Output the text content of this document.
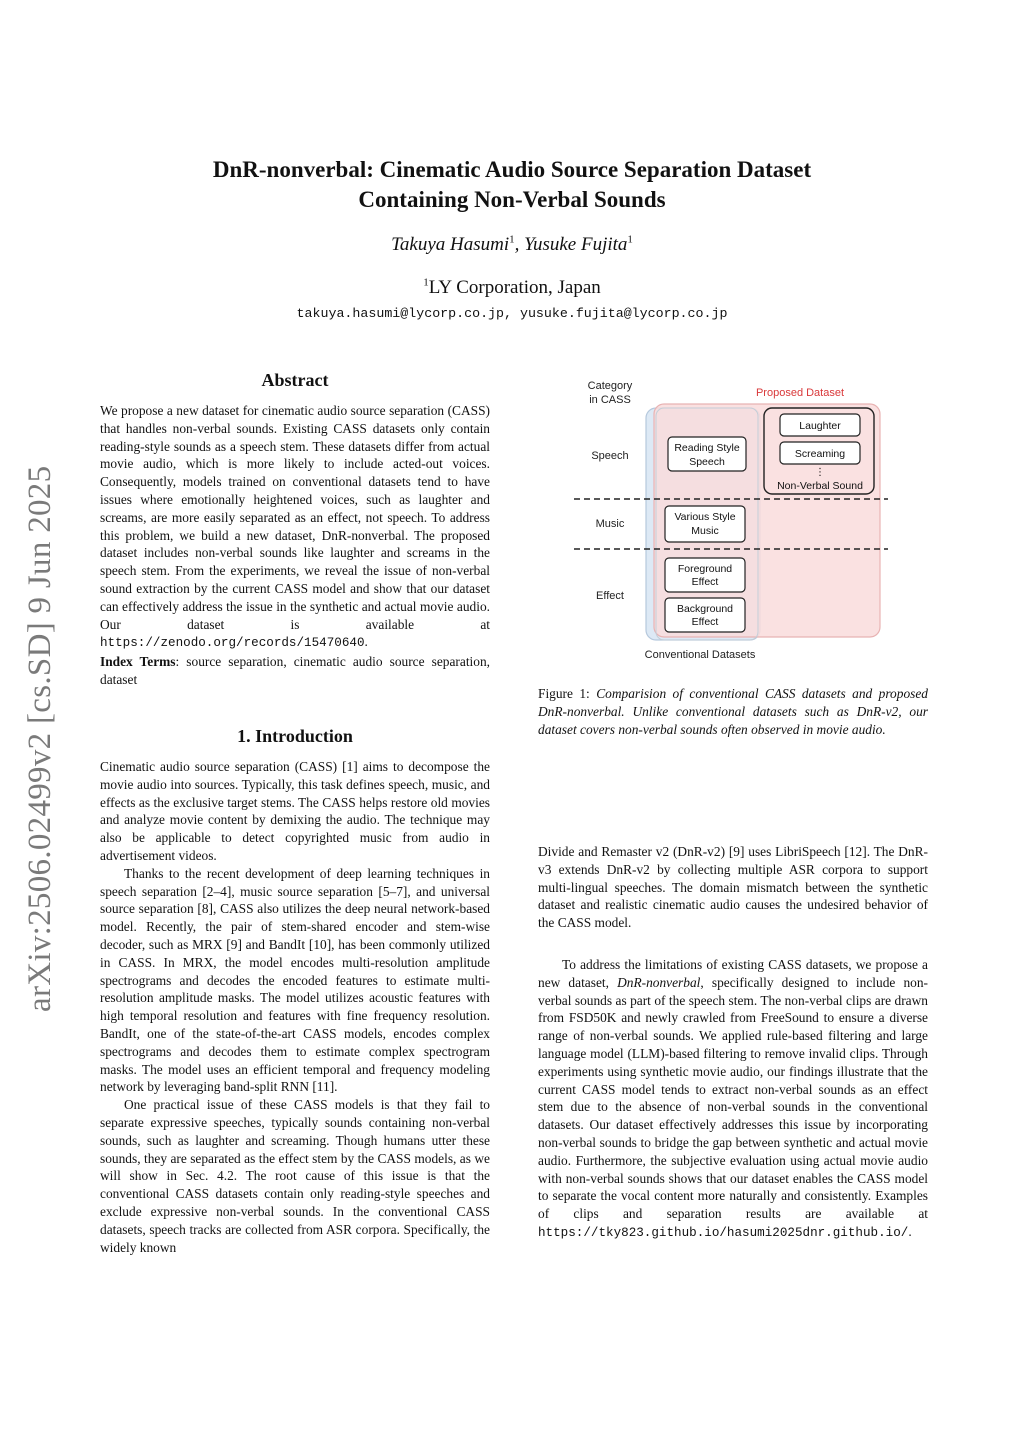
arXiv:2506.02499v2 [cs.SD] 9 Jun 2025
DnR-nonverbal: Cinematic Audio Source Separation Dataset
Containing Non-Verbal Sounds
Takuya Hasumi$^1$, Yusuke Fujita$^1$
$^1$LY Corporation, Japan
takuya.hasumi@lycorp.co.jp, yusuke.fujita@lycorp.co.jp
Abstract

We propose a new dataset for cinematic audio source separation (CASS) that handles non-verbal sounds. Existing CASS datasets only contain reading-style sounds as a speech stem. These datasets differ from actual movie audio, which is more likely to include acted-out voices. Consequently, models trained on conventional datasets tend to have issues where emotionally heightened voices, such as laughter and screams, are more easily separated as an effect, not speech. To address this problem, we build a new dataset, DnR-nonverbal. The proposed dataset includes non-verbal sounds like laughter and screams in the speech stem. From the experiments, we reveal the issue of non-verbal sound extraction by the current CASS model and show that our dataset can effectively address the issue in the synthetic and actual movie audio. Our dataset is available at https://zenodo.org/records/15470640.

Index Terms: source separation, cinematic audio source separation, dataset

1. Introduction

Cinematic audio source separation (CASS) [1] aims to decompose the movie audio into sources. Typically, this task defines speech, music, and effects as the exclusive target stems. The CASS helps restore old movies and analyze movie content by demixing the audio. The technique may also be applicable to detect copyrighted music from audio in advertisement videos.

Thanks to the recent development of deep learning techniques in speech separation [2–4], music source separation [5–7], and universal source separation [8], CASS also utilizes the deep neural network-based model. Recently, the pair of stem-shared encoder and stem-wise decoder, such as MRX [9] and BandIt [10], has been commonly utilized in CASS. In MRX, the model encodes multi-resolution amplitude spectrograms and decodes the encoded features to estimate multi-resolution amplitude masks. The model utilizes acoustic features with high temporal resolution and features with fine frequency resolution. BandIt, one of the state-of-the-art CASS models, encodes complex spectrograms and decodes them to estimate complex spectrogram masks. The model uses an efficient temporal and frequency modeling network by leveraging band-split RNN [11].

One practical issue of these CASS models is that they fail to separate expressive speeches, typically sounds containing non-verbal sounds, such as laughter and screaming. Though humans utter these sounds, they are separated as the effect stem by the CASS models, as we will show in Sec. 4.2. The root cause of this issue is that the conventional CASS datasets contain only reading-style speeches and exclude expressive non-verbal sounds. In the conventional CASS datasets, speech tracks are collected from ASR corpora. Specifically, the widely known

Category
in CASS
Proposed Dataset
Speech
Music
Effect
Conventional Datasets
Laughter
Screaming
⋮
Non-Verbal Sound
Reading Style
Speech
Various Style
Music
Foreground
Effect
Background
Effect
Figure 1: Comparision of conventional CASS datasets and proposed DnR-nonverbal. Unlike conventional datasets such as DnR-v2, our dataset covers non-verbal sounds often observed in movie audio.

Divide and Remaster v2 (DnR-v2) [9] uses LibriSpeech [12]. The DnR-v3 extends DnR-v2 by collecting multiple ASR corpora to support multi-lingual speeches. The domain mismatch between the synthetic dataset and realistic cinematic audio causes the undesired behavior of the CASS model.

To address the limitations of existing CASS datasets, we propose a new dataset, DnR-nonverbal, specifically designed to include non-verbal sounds as part of the speech stem. The non-verbal clips are drawn from FSD50K and newly crawled from FreeSound to ensure a diverse range of non-verbal sounds. We applied rule-based filtering and large language model (LLM)-based filtering to remove invalid clips. Through experiments using synthetic movie audio, our findings illustrate that the current CASS model tends to extract non-verbal sounds as an effect stem due to the absence of non-verbal sounds in the conventional datasets. Our dataset effectively addresses this issue by incorporating non-verbal sounds to bridge the gap between synthetic and actual movie audio. Furthermore, the subjective evaluation using actual movie audio with non-verbal sounds shows that our dataset enables the CASS model to separate the vocal content more naturally and consistently. Examples of clips and separation results are available at https://tky823.github.io/hasumi2025dnr.github.io/.
